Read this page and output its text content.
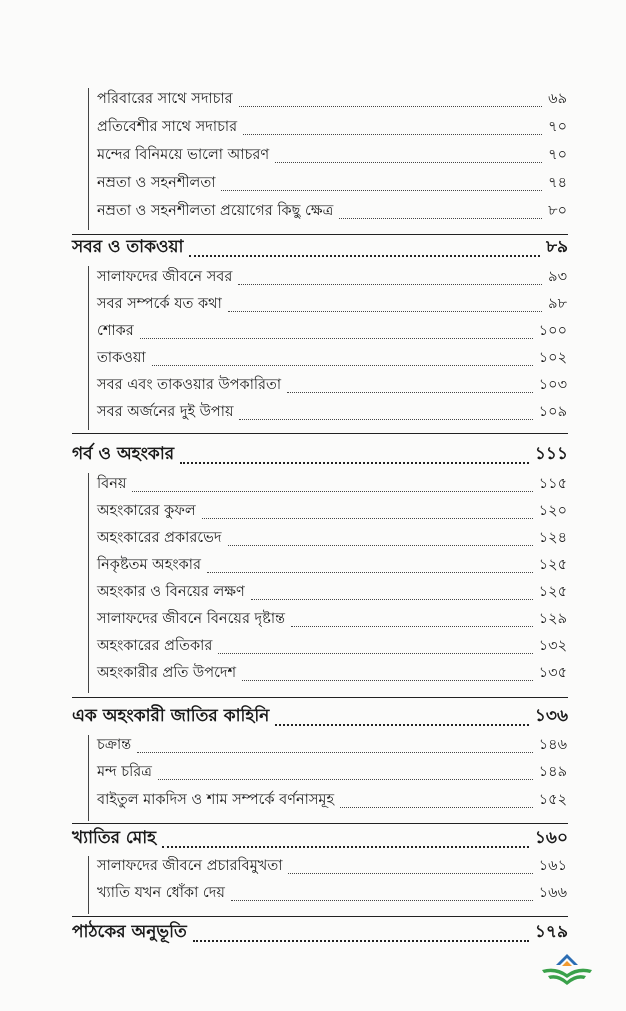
পরিবারের সাথে সদাচার	৬৯
প্রতিবেশীর সাথে সদাচার	৭০
মন্দের বিনিময়ে ভালো আচরণ	৭০
নম্রতা ও সহনশীলতা	৭৪
নম্রতা ও সহনশীলতা প্রয়োগের কিছু ক্ষেত্র	৮০
সবর ও তাকওয়া	৮৯
সালাফদের জীবনে সবর	৯৩
সবর সম্পর্কে যত কথা	৯৮
শোকর	১০০
তাকওয়া	১০২
সবর এবং তাকওয়ার উপকারিতা	১০৩
সবর অর্জনের দুই উপায়	১০৯
গর্ব ও অহংকার	১১১
বিনয়	১১৫
অহংকারের কুফল	১২০
অহংকারের প্রকারভেদ	১২৪
নিকৃষ্টতম অহংকার	১২৫
অহংকার ও বিনয়ের লক্ষণ	১২৫
সালাফদের জীবনে বিনয়ের দৃষ্টান্ত	১২৯
অহংকারের প্রতিকার	১৩২
অহংকারীর প্রতি উপদেশ	১৩৫
এক অহংকারী জাতির কাহিনি	১৩৬
চক্রান্ত	১৪৬
মন্দ চরিত্র	১৪৯
বাইতুল মাকদিস ও শাম সম্পর্কে বর্ণনাসমূহ	১৫২
খ্যাতির মোহ	১৬০
সালাফদের জীবনে প্রচারবিমুখতা	১৬১
খ্যাতি যখন ধোঁকা দেয়	১৬৬
পাঠকের অনুভূতি	১৭৯
